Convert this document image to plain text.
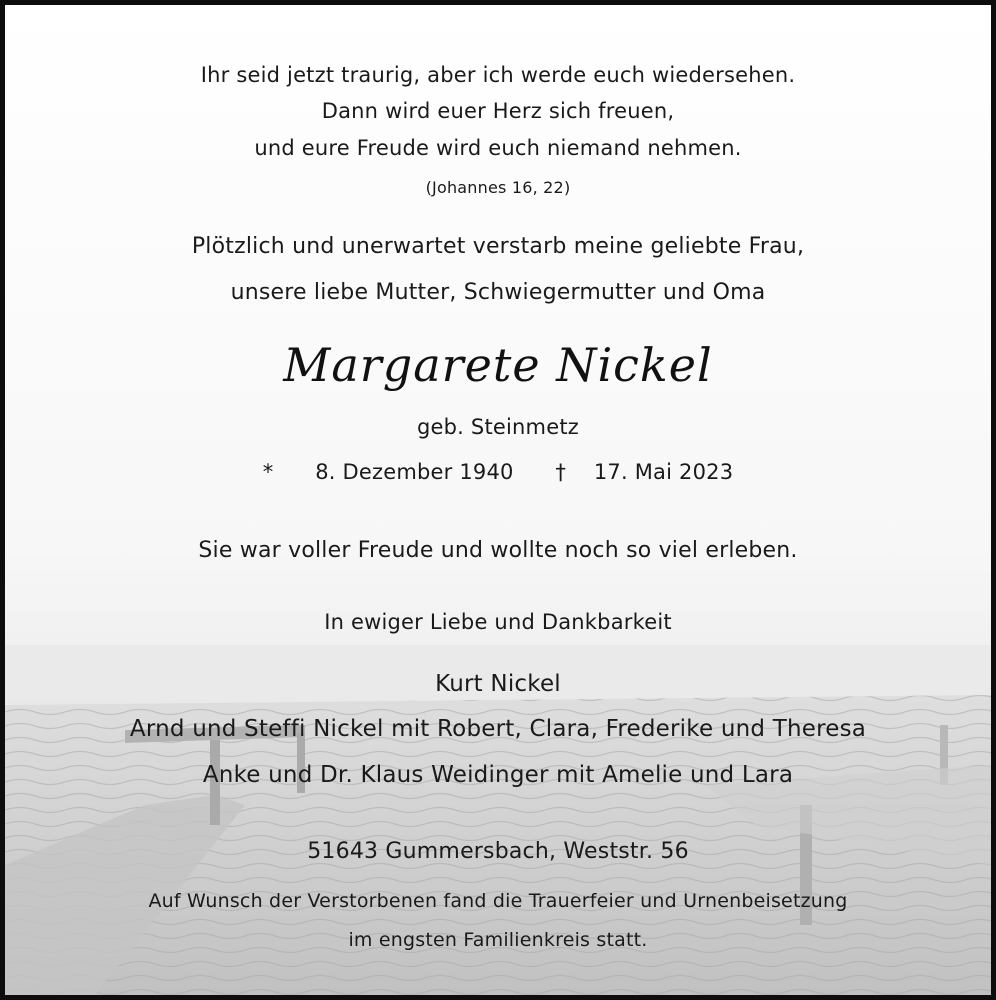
Ihr seid jetzt traurig, aber ich werde euch wiedersehen.
Dann wird euer Herz sich freuen,
und eure Freude wird euch niemand nehmen.
(Johannes 16, 22)
Plötzlich und unerwartet verstarb meine geliebte Frau,
unsere liebe Mutter, Schwiegermutter und Oma
Margarete Nickel
geb. Steinmetz
* 8. Dezember 1940 † 17. Mai 2023
Sie war voller Freude und wollte noch so viel erleben.
In ewiger Liebe und Dankbarkeit
Kurt Nickel
Arnd und Steffi Nickel mit Robert, Clara, Frederike und Theresa
Anke und Dr. Klaus Weidinger mit Amelie und Lara
51643 Gummersbach, Weststr. 56
Auf Wunsch der Verstorbenen fand die Trauerfeier und Urnenbeisetzung
im engsten Familienkreis statt.
